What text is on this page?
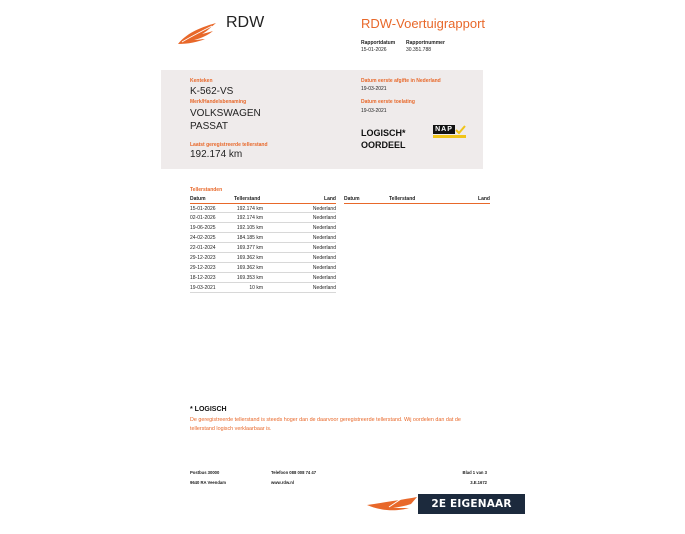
RDW	RDW-Voertuigrapport
Rapportdatum Rapportnummer
15-01-2026	30.351.788
Kenteken
K-562-VS
Merk/Handelsbenaming
VOLKSWAGEN
PASSAT
Laatst geregistreerde tellerstand
192.174 km
Datum eerste afgifte in Nederland
19-03-2021
Datum eerste toelating
19-03-2021
LOGISCH*
OORDEEL
NAP
Tellerstanden
Datum	Tellerstand	Land
15-01-2026	192.174 km	Nederland
02-01-2026	192.174 km	Nederland
19-06-2025	192.105 km	Nederland
24-02-2025	184.185 km	Nederland
22-01-2024	169.377 km	Nederland
29-12-2023	169.362 km	Nederland
29-12-2023	169.362 km	Nederland
18-12-2023	169.353 km	Nederland
19-03-2021	10 km	Nederland
Datum	Tellerstand	Land
* LOGISCH
De geregistreerde tellerstand is steeds hoger dan de daarvoor geregistreerde tellerstand. Wij oordelen dan dat de tellerstand logisch verklaarbaar is.
Postbus 30000
9640 RA Veendam
Telefoon 088 008 74 47
www.rdw.nl
Blad 1 van 3
3.E.1672
2E EIGENAAR ORG. NL
